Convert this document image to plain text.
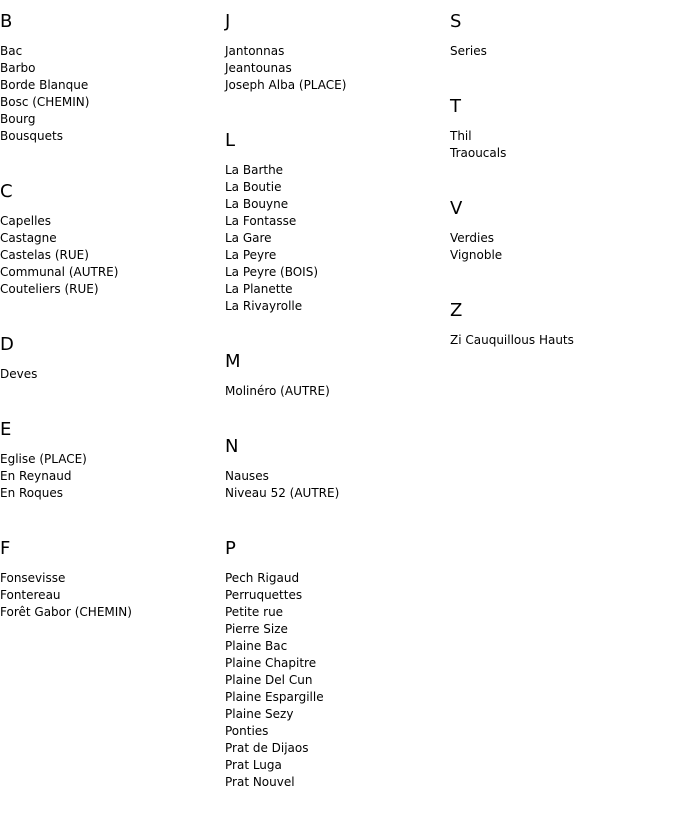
B
Bac
Barbo
Borde Blanque
Bosc (CHEMIN)
Bourg
Bousquets
C
Capelles
Castagne
Castelas (RUE)
Communal (AUTRE)
Couteliers (RUE)
D
Deves
E
Eglise (PLACE)
En Reynaud
En Roques
F
Fonsevisse
Fontereau
Forêt Gabor (CHEMIN)
J
Jantonnas
Jeantounas
Joseph Alba (PLACE)
L
La Barthe
La Boutie
La Bouyne
La Fontasse
La Gare
La Peyre
La Peyre (BOIS)
La Planette
La Rivayrolle
M
Molinéro (AUTRE)
N
Nauses
Niveau 52 (AUTRE)
P
Pech Rigaud
Perruquettes
Petite rue
Pierre Size
Plaine Bac
Plaine Chapitre
Plaine Del Cun
Plaine Espargille
Plaine Sezy
Ponties
Prat de Dijaos
Prat Luga
Prat Nouvel
S
Series
T
Thil
Traoucals
V
Verdies
Vignoble
Z
Zi Cauquillous Hauts
